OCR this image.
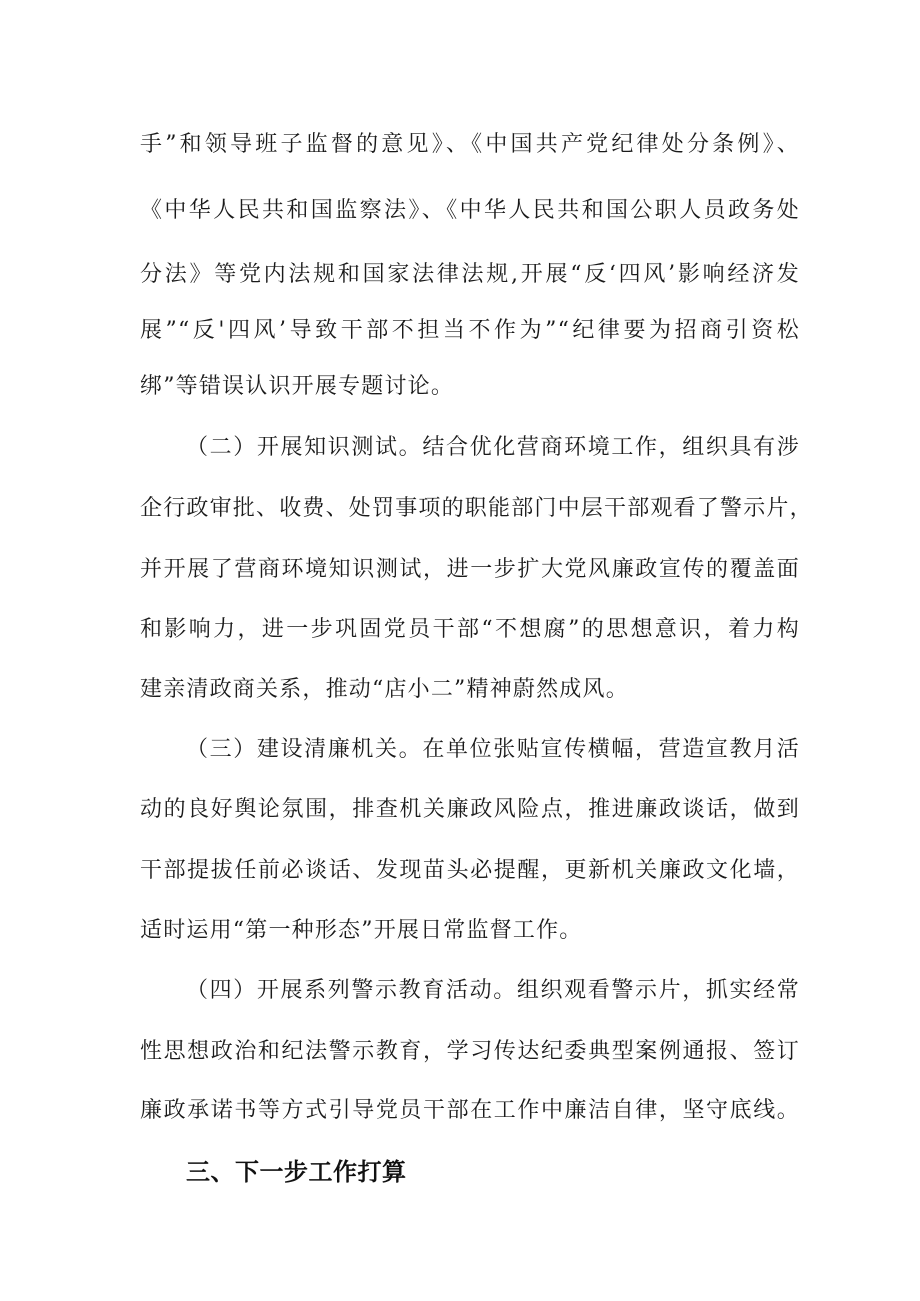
手”和领导班子监督的意见》、《中国共产党纪律处分条例》、
《中华人民共和国监察法》、《中华人民共和国公职人员政务处
分法》等党内法规和国家法律法规,开展“反‘四风’影响经济发
展”“反'四风’导致干部不担当不作为”“纪律要为招商引资松
绑”等错误认识开展专题讨论。
（二）开展知识测试。结合优化营商环境工作，组织具有涉
企行政审批、收费、处罚事项的职能部门中层干部观看了警示片，
并开展了营商环境知识测试，进一步扩大党风廉政宣传的覆盖面
和影响力，进一步巩固党员干部“不想腐”的思想意识，着力构
建亲清政商关系，推动“店小二”精神蔚然成风。
（三）建设清廉机关。在单位张贴宣传横幅，营造宣教月活
动的良好舆论氛围，排查机关廉政风险点，推进廉政谈话，做到
干部提拔任前必谈话、发现苗头必提醒，更新机关廉政文化墙，
适时运用“第一种形态”开展日常监督工作。
（四）开展系列警示教育活动。组织观看警示片，抓实经常
性思想政治和纪法警示教育，学习传达纪委典型案例通报、签订
廉政承诺书等方式引导党员干部在工作中廉洁自律，坚守底线。
三、下一步工作打算
